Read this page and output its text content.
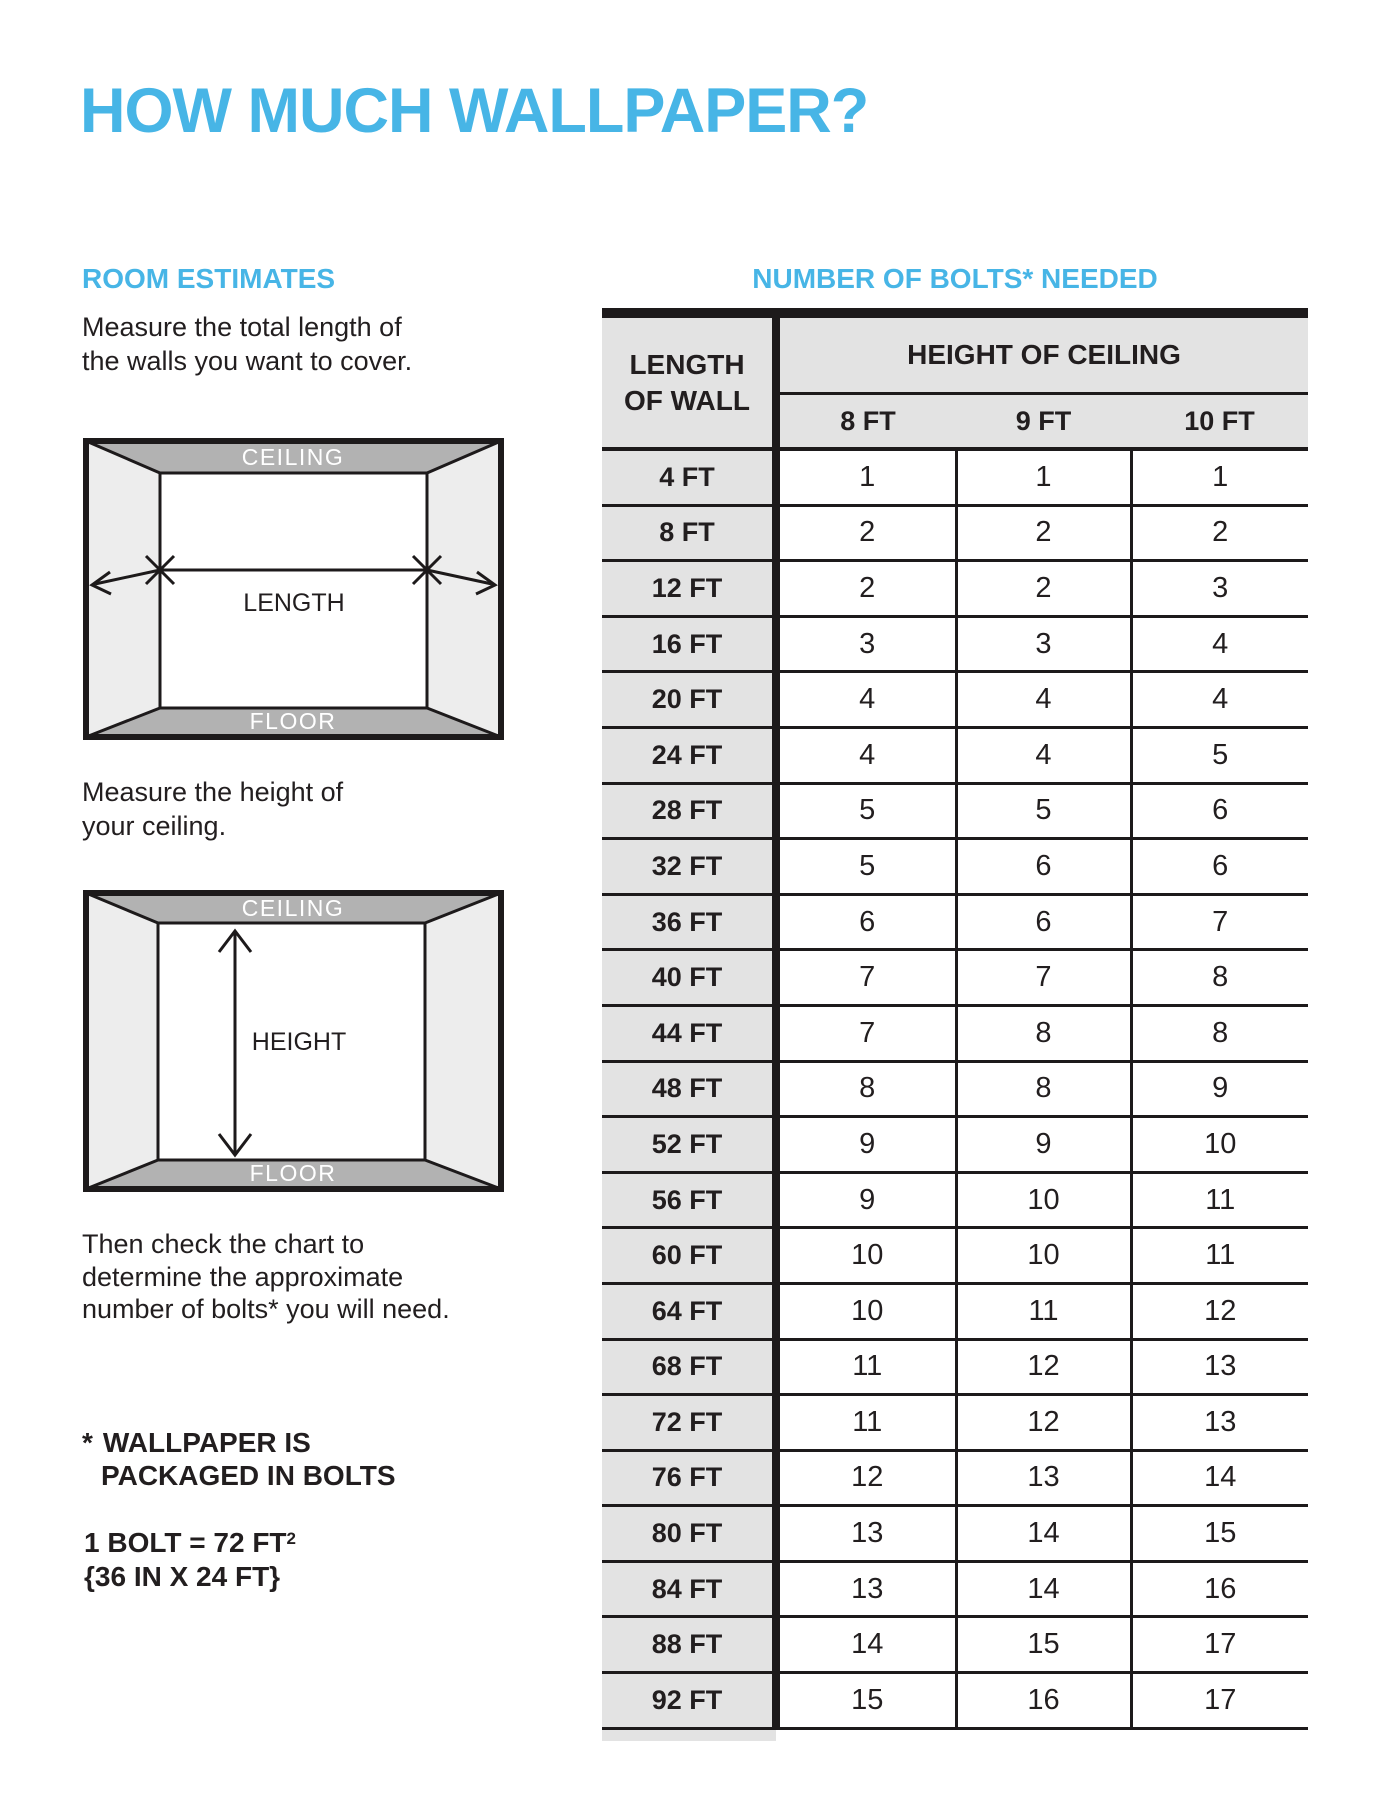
HOW MUCH WALLPAPER?
ROOM ESTIMATES
Measure the total length of
the walls you want to cover.
CEILING
FLOOR
LENGTH
Measure the height of
your ceiling.
CEILING
FLOOR
HEIGHT
Then check the chart to
determine the approximate
number of bolts* you will need.
* WALLPAPER IS
PACKAGED IN BOLTS
1 BOLT = 72 $FT^2$
{36 IN X 24 FT}
NUMBER OF BOLTS* NEEDED
LENGTH
OF WALL	HEIGHT OF CEILING		
	8 FT	9 FT	10 FT
4 FT	1	1	1
8 FT	2	2	2
12 FT	2	2	3
16 FT	3	3	4
20 FT	4	4	4
24 FT	4	4	5
28 FT	5	5	6
32 FT	5	6	6
36 FT	6	6	7
40 FT	7	7	8
44 FT	7	8	8
48 FT	8	8	9
52 FT	9	9	10
56 FT	9	10	11
60 FT	10	10	11
64 FT	10	11	12
68 FT	11	12	13
72 FT	11	12	13
76 FT	12	13	14
80 FT	13	14	15
84 FT	13	14	16
88 FT	14	15	17
92 FT	15	16	17
